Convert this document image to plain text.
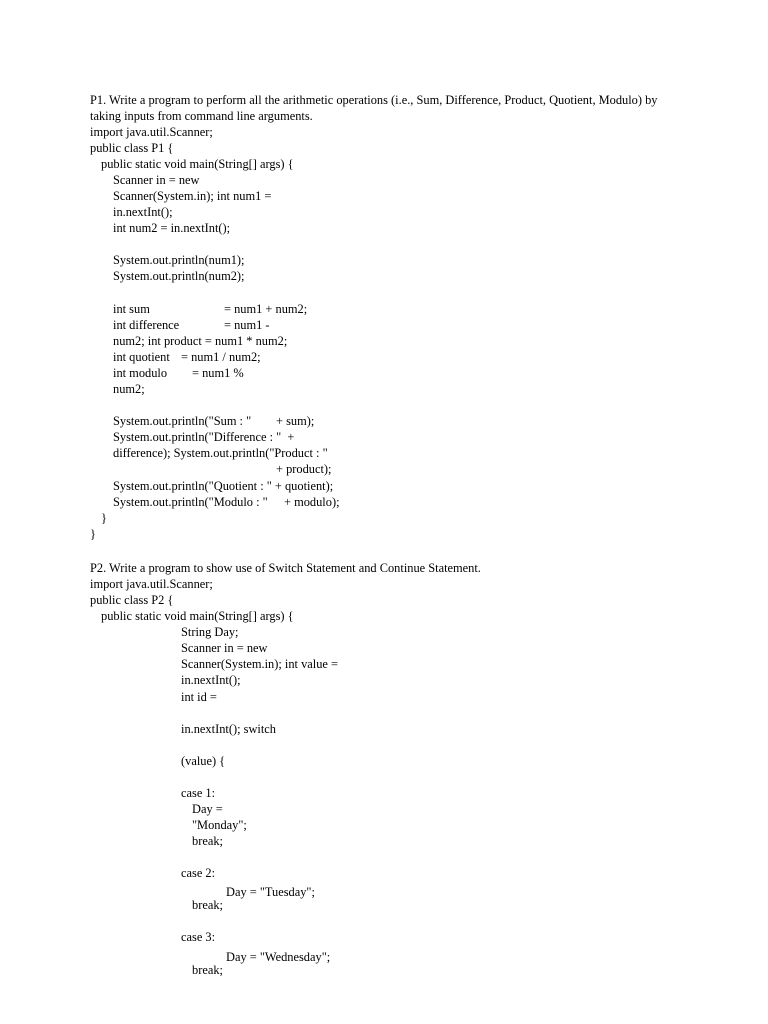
P1. Write a program to perform all the arithmetic operations (i.e., Sum, Difference, Product, Quotient, Modulo) by
taking inputs from command line arguments.
import java.util.Scanner;
public class P1 {
public static void main(String[] args) {
Scanner in = new
Scanner(System.in); int num1 =
in.nextInt();
int num2 = in.nextInt();
System.out.println(num1);
System.out.println(num2);
int sum	= num1 + num2;
int difference	= num1 -
num2; int product = num1 * num2;
int quotient = num1 / num2;
int modulo = num1 %
num2;
System.out.println("Sum : " + sum);
System.out.println("Difference : "  +
difference); System.out.println("Product : "
+ product);
System.out.println("Quotient : " + quotient);
System.out.println("Modulo : " + modulo);
}
}
P2. Write a program to show use of Switch Statement and Continue Statement.
import java.util.Scanner;
public class P2 {
public static void main(String[] args) {
String Day;
Scanner in = new
Scanner(System.in); int value =
in.nextInt();
int id =
in.nextInt(); switch
(value) {
case 1:
Day =
"Monday";
break;
case 2:
Day = "Tuesday";
break;
case 3:
Day = "Wednesday";
break;
